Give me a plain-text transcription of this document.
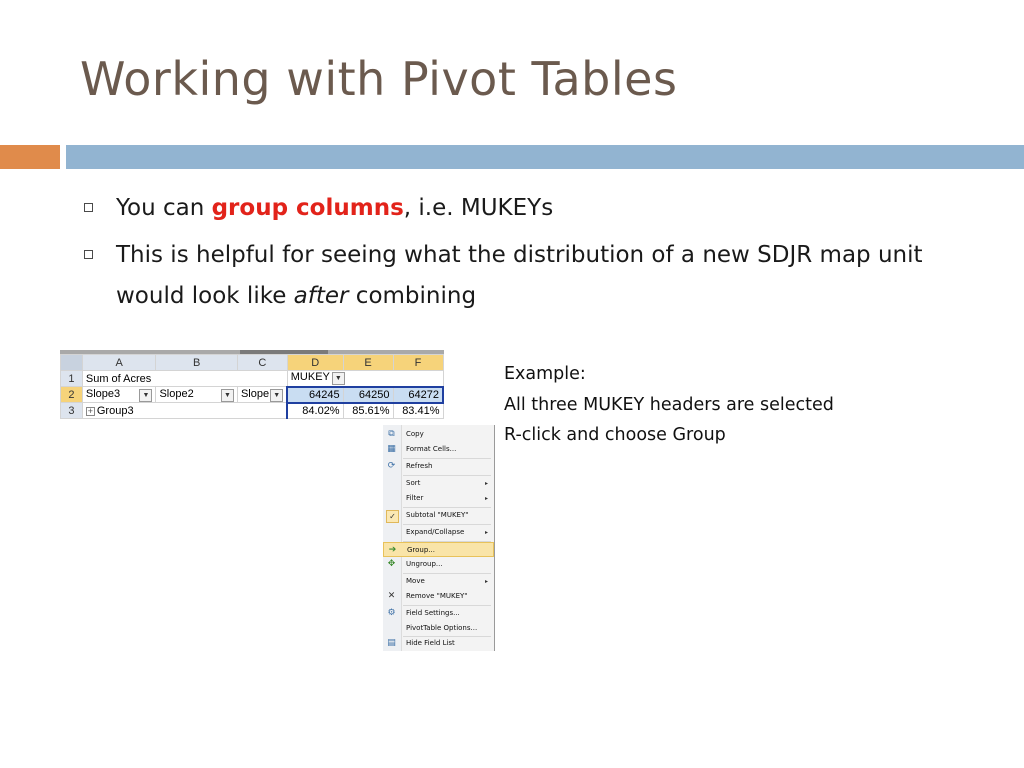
Working with Pivot Tables
You can group columns, i.e. MUKEYs
This is helpful for seeing what the distribution of a new SDJR map unit would look like after combining
	A	B	C	D	E	F
1	Sum of Acres			MUKEY ▼		
2	Slope3 ▼	Slope2 ▼	Slope ▼	64245	64250	64272
3	+ Group3			84.02%	85.61%	83.41%
⧉	Copy
▦ Format Cells...
⟳ Refresh
Sort	▸
Filter	▸
✓	Subtotal "MUKEY"
Expand/Collapse	▸
➔ Group...
✥ Ungroup...
Move	▸
✕ Remove "MUKEY"
⚙ Field Settings...
PivotTable Options...
▤ Hide Field List
Example:
All three MUKEY headers are selected
R-click and choose Group
